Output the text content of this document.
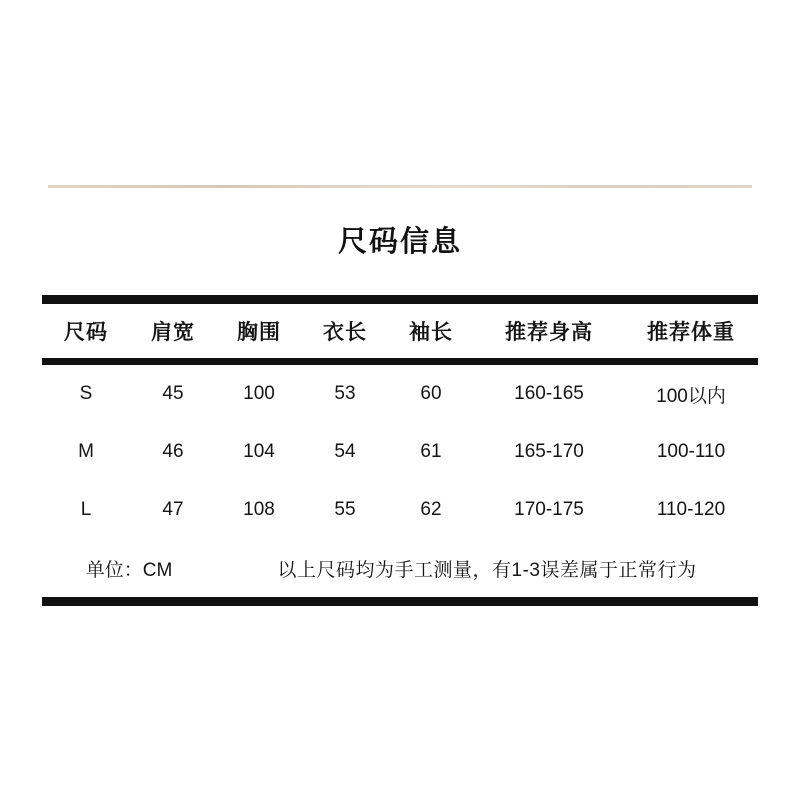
尺码信息
尺码	肩宽	胸围	衣长	袖长	推荐身高	推荐体重
S	45	100	53	60	160-165	100以内
M	46	104	54	61	165-170	100-110
L	47	108	55	62	170-175	110-120
单位：CM		以上尺码均为手工测量，有1-3误差属于正常行为				
